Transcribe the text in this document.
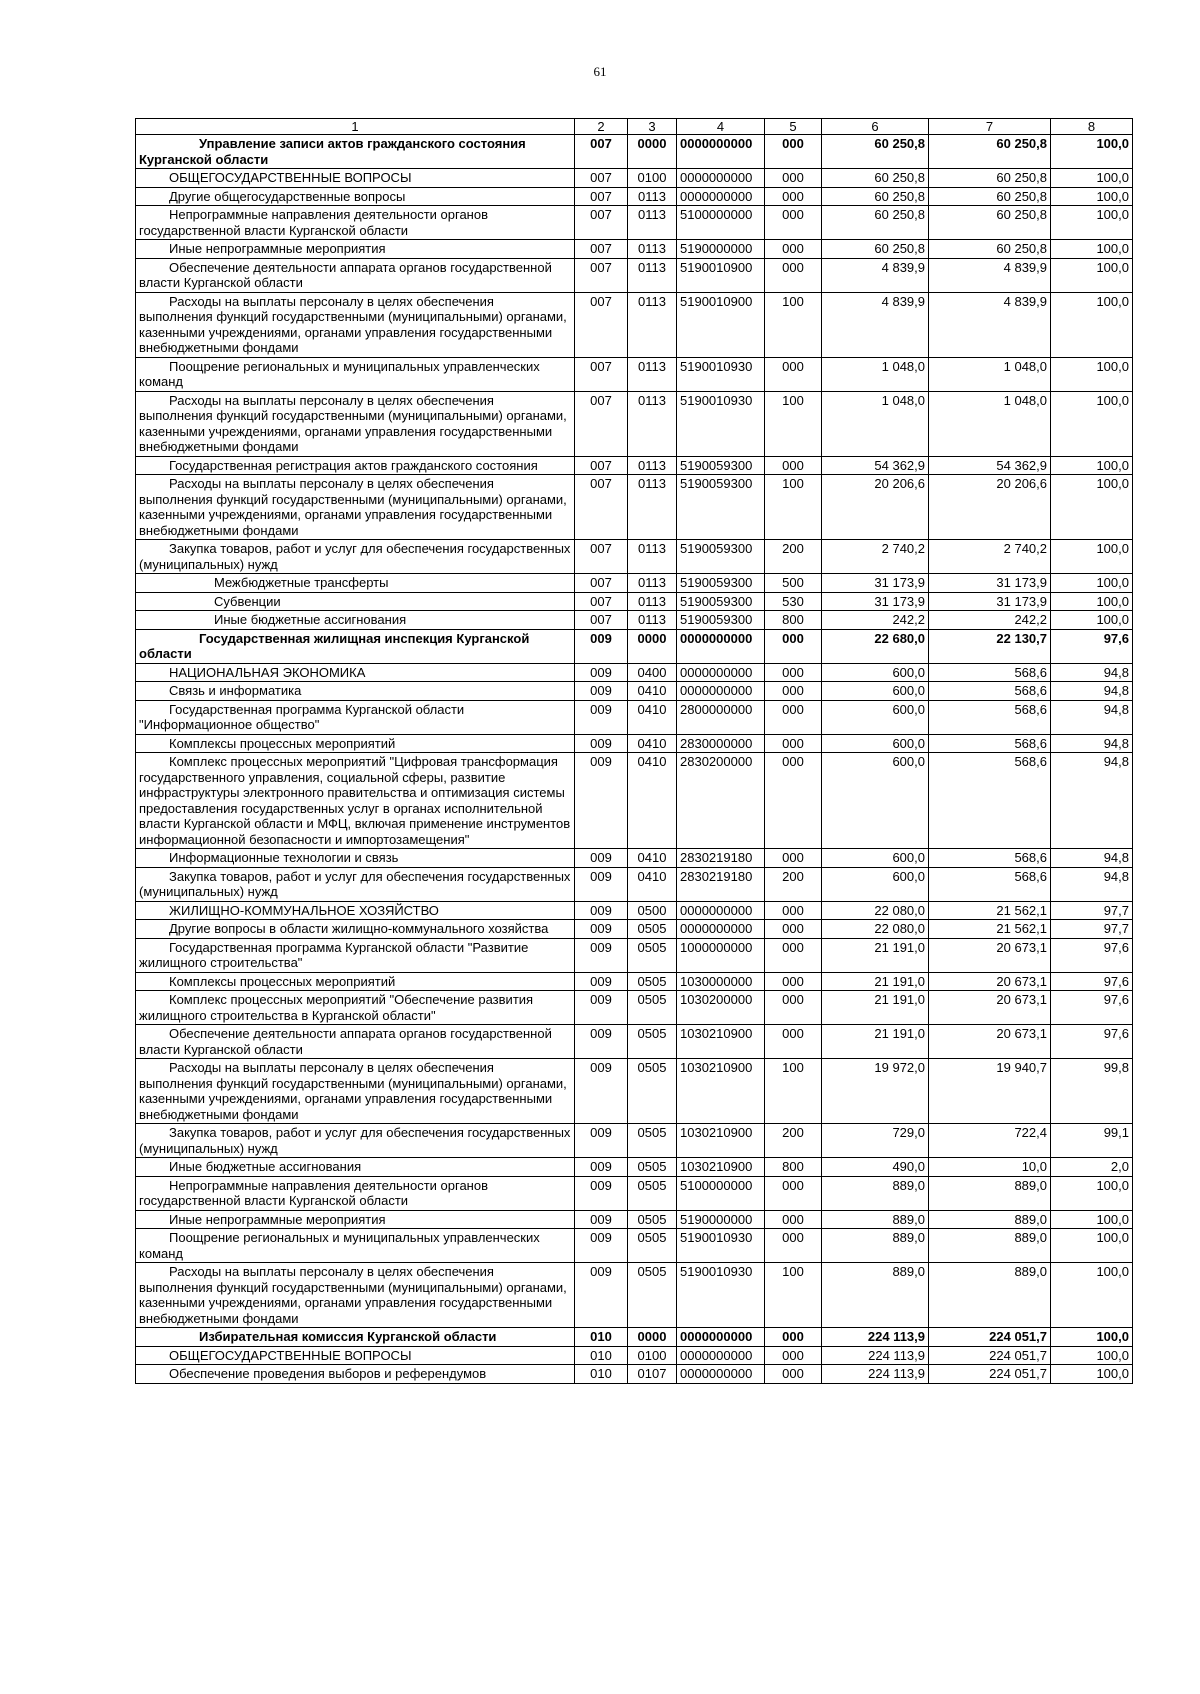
61
1	2	3	4	5	6	7	8
Управление записи актов гражданского состояния Курганской области	007	0000	0000000000	000	60 250,8	60 250,8	100,0
ОБЩЕГОСУДАРСТВЕННЫЕ ВОПРОСЫ	007	0100	0000000000	000	60 250,8	60 250,8	100,0
Другие общегосударственные вопросы	007	0113	0000000000	000	60 250,8	60 250,8	100,0
Непрограммные направления деятельности органов государственной власти Курганской области	007	0113	5100000000	000	60 250,8	60 250,8	100,0
Иные непрограммные мероприятия	007	0113	5190000000	000	60 250,8	60 250,8	100,0
Обеспечение деятельности аппарата органов государственной власти Курганской области	007	0113	5190010900	000	4 839,9	4 839,9	100,0
Расходы на выплаты персоналу в целях обеспечения выполнения функций государственными (муниципальными) органами, казенными учреждениями, органами управления государственными внебюджетными фондами	007	0113	5190010900	100	4 839,9	4 839,9	100,0
Поощрение региональных и муниципальных управленческих команд	007	0113	5190010930	000	1 048,0	1 048,0	100,0
Расходы на выплаты персоналу в целях обеспечения выполнения функций государственными (муниципальными) органами, казенными учреждениями, органами управления государственными внебюджетными фондами	007	0113	5190010930	100	1 048,0	1 048,0	100,0
Государственная регистрация актов гражданского состояния	007	0113	5190059300	000	54 362,9	54 362,9	100,0
Расходы на выплаты персоналу в целях обеспечения выполнения функций государственными (муниципальными) органами, казенными учреждениями, органами управления государственными внебюджетными фондами	007	0113	5190059300	100	20 206,6	20 206,6	100,0
Закупка товаров, работ и услуг для обеспечения государственных (муниципальных) нужд	007	0113	5190059300	200	2 740,2	2 740,2	100,0
Межбюджетные трансферты	007	0113	5190059300	500	31 173,9	31 173,9	100,0
Субвенции	007	0113	5190059300	530	31 173,9	31 173,9	100,0
Иные бюджетные ассигнования	007	0113	5190059300	800	242,2	242,2	100,0
Государственная жилищная инспекция Курганской области	009	0000	0000000000	000	22 680,0	22 130,7	97,6
НАЦИОНАЛЬНАЯ ЭКОНОМИКА	009	0400	0000000000	000	600,0	568,6	94,8
Связь и информатика	009	0410	0000000000	000	600,0	568,6	94,8
Государственная программа Курганской области "Информационное общество"	009	0410	2800000000	000	600,0	568,6	94,8
Комплексы процессных мероприятий	009	0410	2830000000	000	600,0	568,6	94,8
Комплекс процессных мероприятий "Цифровая трансформация государственного управления, социальной сферы, развитие инфраструктуры электронного правительства и оптимизация системы предоставления государственных услуг в органах исполнительной власти Курганской области и МФЦ, включая применение инструментов информационной безопасности и импортозамещения"	009	0410	2830200000	000	600,0	568,6	94,8
Информационные технологии и связь	009	0410	2830219180	000	600,0	568,6	94,8
Закупка товаров, работ и услуг для обеспечения государственных (муниципальных) нужд	009	0410	2830219180	200	600,0	568,6	94,8
ЖИЛИЩНО-КОММУНАЛЬНОЕ ХОЗЯЙСТВО	009	0500	0000000000	000	22 080,0	21 562,1	97,7
Другие вопросы в области жилищно-коммунального хозяйства	009	0505	0000000000	000	22 080,0	21 562,1	97,7
Государственная программа Курганской области "Развитие жилищного строительства"	009	0505	1000000000	000	21 191,0	20 673,1	97,6
Комплексы процессных мероприятий	009	0505	1030000000	000	21 191,0	20 673,1	97,6
Комплекс процессных мероприятий "Обеспечение развития жилищного строительства в Курганской области"	009	0505	1030200000	000	21 191,0	20 673,1	97,6
Обеспечение деятельности аппарата органов государственной власти Курганской области	009	0505	1030210900	000	21 191,0	20 673,1	97,6
Расходы на выплаты персоналу в целях обеспечения выполнения функций государственными (муниципальными) органами, казенными учреждениями, органами управления государственными внебюджетными фондами	009	0505	1030210900	100	19 972,0	19 940,7	99,8
Закупка товаров, работ и услуг для обеспечения государственных (муниципальных) нужд	009	0505	1030210900	200	729,0	722,4	99,1
Иные бюджетные ассигнования	009	0505	1030210900	800	490,0	10,0	2,0
Непрограммные направления деятельности органов государственной власти Курганской области	009	0505	5100000000	000	889,0	889,0	100,0
Иные непрограммные мероприятия	009	0505	5190000000	000	889,0	889,0	100,0
Поощрение региональных и муниципальных управленческих команд	009	0505	5190010930	000	889,0	889,0	100,0
Расходы на выплаты персоналу в целях обеспечения выполнения функций государственными (муниципальными) органами, казенными учреждениями, органами управления государственными внебюджетными фондами	009	0505	5190010930	100	889,0	889,0	100,0
Избирательная комиссия Курганской области	010	0000	0000000000	000	224 113,9	224 051,7	100,0
ОБЩЕГОСУДАРСТВЕННЫЕ ВОПРОСЫ	010	0100	0000000000	000	224 113,9	224 051,7	100,0
Обеспечение проведения выборов и референдумов	010	0107	0000000000	000	224 113,9	224 051,7	100,0
